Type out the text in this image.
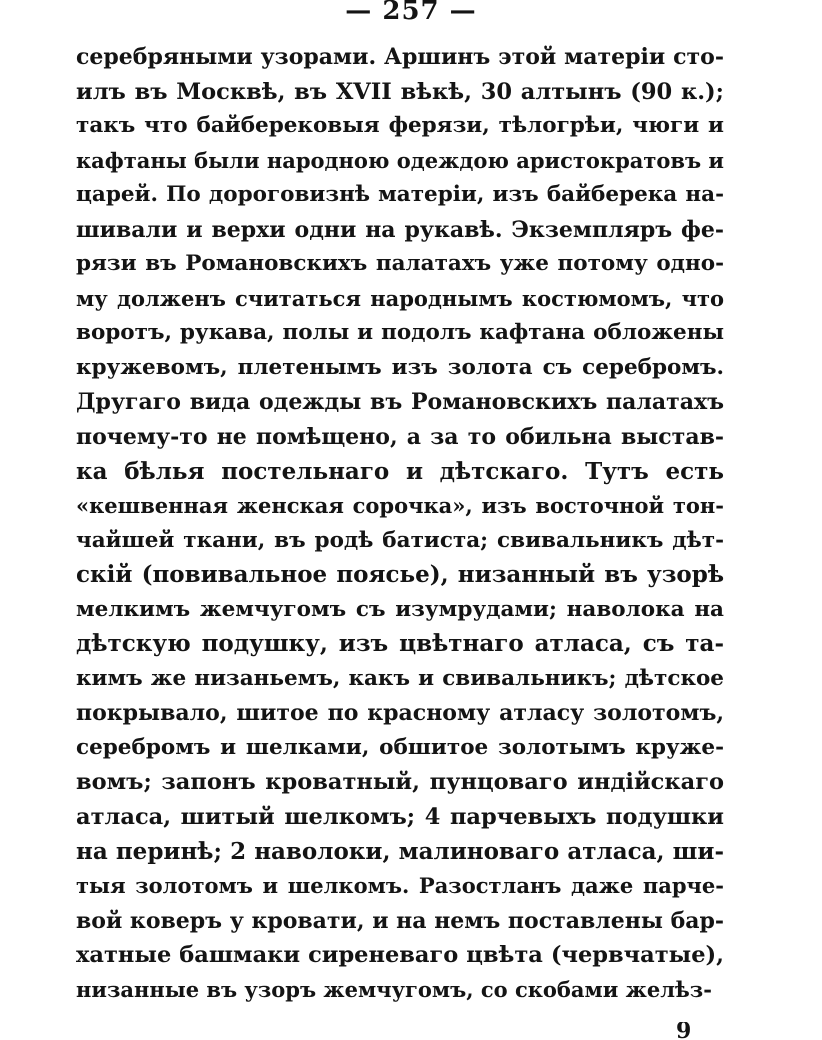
— 257 —
серебряными узорами. Аршинъ этой матеріи сто-
илъ въ Москвѣ, въ XVII вѣкѣ, 30 алтынъ (90 к.);
такъ что байберековыя ферязи, тѣлогрѣи, чюги и
кафтаны были народною одеждою аристократовъ и
царей. По дороговизнѣ матеріи, изъ байберека на-
шивали и верхи одни на рукавѣ. Экземпляръ фе-
рязи въ Романовскихъ палатахъ уже потому одно-
му долженъ считаться народнымъ костюмомъ, что
воротъ, рукава, полы и подолъ кафтана обложены
кружевомъ, плетенымъ изъ золота съ серебромъ.
Другаго вида одежды въ Романовскихъ палатахъ
почему-то не помѣщено, а за то обильна выстав-
ка бѣлья постельнаго и дѣтскаго. Тутъ есть
«кешвенная женская сорочка», изъ восточной тон-
чайшей ткани, въ родѣ батиста; свивальникъ дѣт-
скій (повивальное поясье), низанный въ узорѣ
мелкимъ жемчугомъ съ изумрудами; наволока на
дѣтскую подушку, изъ цвѣтнаго атласа, съ та-
кимъ же низаньемъ, какъ и свивальникъ; дѣтское
покрывало, шитое по красному атласу золотомъ,
серебромъ и шелками, обшитое золотымъ круже-
вомъ; запонъ кроватный, пунцоваго индійскаго
атласа, шитый шелкомъ; 4 парчевыхъ подушки
на перинѣ; 2 наволоки, малиноваго атласа, ши-
тыя золотомъ и шелкомъ. Разостланъ даже парче-
вой коверъ у кровати, и на немъ поставлены бар-
хатные башмаки сиреневаго цвѣта (червчатые),
низанные въ узоръ жемчугомъ, со скобами желѣз-
9
